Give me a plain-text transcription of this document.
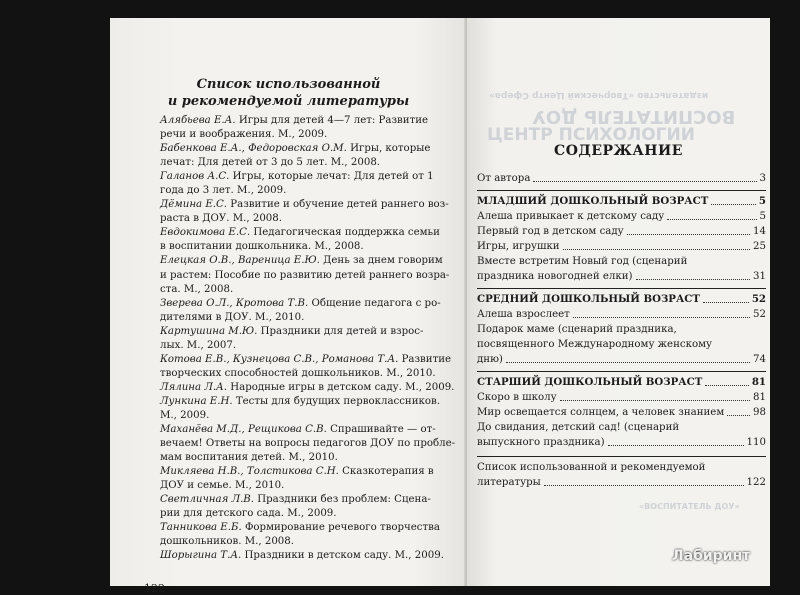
Список использованной
и рекомендуемой литературы
Алябьева Е.А. Игры для детей 4—7 лет: Развитие
речи и воображения. М., 2009.
Бабенкова Е.А., Федоровская О.М. Игры, которые
лечат: Для детей от 3 до 5 лет. М., 2008.
Галанов А.С. Игры, которые лечат: Для детей от 1
года до 3 лет. М., 2009.
Дёмина Е.С. Развитие и обучение детей раннего воз-
раста в ДОУ. М., 2008.
Евдокимова Е.С. Педагогическая поддержка семьи
в воспитании дошкольника. М., 2008.
Елецкая О.В., Вареница Е.Ю. День за днем говорим
и растем: Пособие по развитию детей раннего возра-
ста. М., 2008.
Зверева О.Л., Кротова Т.В. Общение педагога с ро-
дителями в ДОУ. М., 2010.
Картушина М.Ю. Праздники для детей и взрос-
лых. М., 2007.
Котова Е.В., Кузнецова С.В., Романова Т.А. Развитие
творческих способностей дошкольников. М., 2010.
Лялина Л.А. Народные игры в детском саду. М., 2009.
Лункина Е.Н. Тесты для будущих первоклассников.
М., 2009.
Маханёва М.Д., Рещикова С.В. Спрашивайте — от-
вечаем! Ответы на вопросы педагогов ДОУ по пробле-
мам воспитания детей. М., 2010.
Микляева Н.В., Толстикова С.Н. Сказкотерапия в
ДОУ и семье. М., 2010.
Светличная Л.В. Праздники без проблем: Сцена-
рии для детского сада. М., 2009.
Танникова Е.Б. Формирование речевого творчества
дошкольников. М., 2008.
Шорыгина Т.А. Праздники в детском саду. М., 2009.
122
издательство «Творческий Центр Сфера»
ВОСПИТАТЕЛЬ ДОУ
ЦЕНТР ПСИХОЛОГИИ
«ВОСПИТАТЕЛЬ ДОУ»
СОДЕРЖАНИЕ
От автора	3
МЛАДШИЙ ДОШКОЛЬНЫЙ ВОЗРАСТ	5
Алеша привыкает к детскому саду	5
Первый год в детском саду	14
Игры, игрушки	25
Вместе встретим Новый год (сценарий
праздника новогодней елки)	31
СРЕДНИЙ ДОШКОЛЬНЫЙ ВОЗРАСТ	52
Алеша взрослеет	52
Подарок маме (сценарий праздника,
посвященного Международному женскому
дню)	74
СТАРШИЙ ДОШКОЛЬНЫЙ ВОЗРАСТ	81
Скоро в школу	81
Мир освещается солнцем, а человек знанием	98
До свидания, детский сад! (сценарий
выпускного праздника)	110
Список использованной и рекомендуемой
литературы	122
Лабиринт
